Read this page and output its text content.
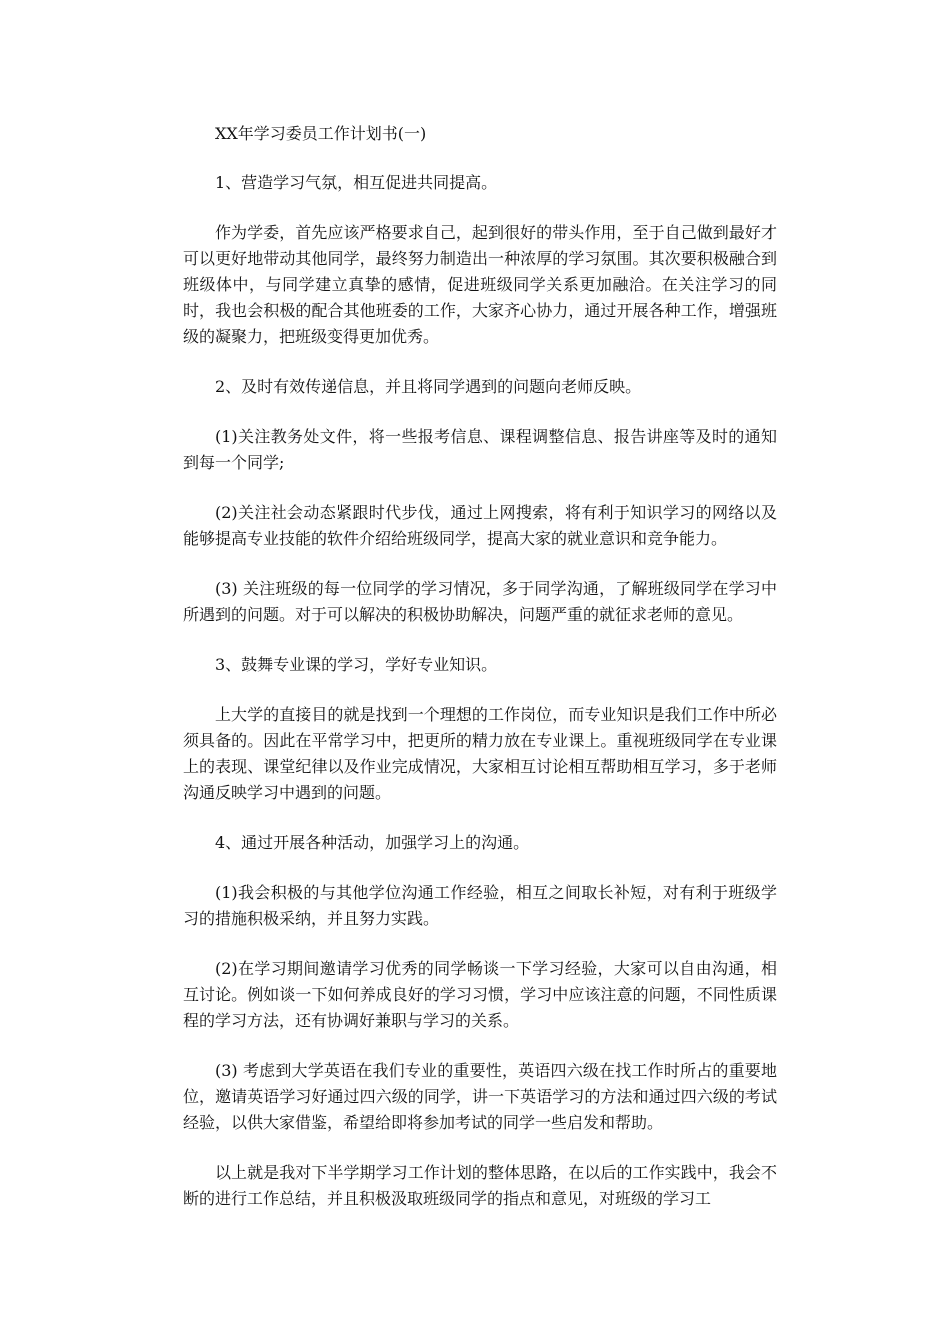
XX年学习委员工作计划书(一)

1、营造学习气氛，相互促进共同提高。

作为学委，首先应该严格要求自己，起到很好的带头作用，至于自己做到最好才可以更好地带动其他同学，最终努力制造出一种浓厚的学习氛围。其次要积极融合到班级体中，与同学建立真挚的感情，促进班级同学关系更加融洽。在关注学习的同时，我也会积极的配合其他班委的工作，大家齐心协力，通过开展各种工作，增强班级的凝聚力，把班级变得更加优秀。

2、及时有效传递信息，并且将同学遇到的问题向老师反映。

(1)关注教务处文件，将一些报考信息、课程调整信息、报告讲座等及时的通知到每一个同学;

(2)关注社会动态紧跟时代步伐，通过上网搜索，将有利于知识学习的网络以及能够提高专业技能的软件介绍给班级同学，提高大家的就业意识和竞争能力。

(3) 关注班级的每一位同学的学习情况，多于同学沟通，了解班级同学在学习中所遇到的问题。对于可以解决的积极协助解决，问题严重的就征求老师的意见。

3、鼓舞专业课的学习，学好专业知识。

上大学的直接目的就是找到一个理想的工作岗位，而专业知识是我们工作中所必须具备的。因此在平常学习中，把更所的精力放在专业课上。重视班级同学在专业课上的表现、课堂纪律以及作业完成情况，大家相互讨论相互帮助相互学习，多于老师沟通反映学习中遇到的问题。

4、通过开展各种活动，加强学习上的沟通。

(1)我会积极的与其他学位沟通工作经验，相互之间取长补短，对有利于班级学习的措施积极采纳，并且努力实践。

(2)在学习期间邀请学习优秀的同学畅谈一下学习经验，大家可以自由沟通，相互讨论。例如谈一下如何养成良好的学习习惯，学习中应该注意的问题，不同性质课程的学习方法，还有协调好兼职与学习的关系。

(3) 考虑到大学英语在我们专业的重要性，英语四六级在找工作时所占的重要地位，邀请英语学习好通过四六级的同学，讲一下英语学习的方法和通过四六级的考试经验，以供大家借鉴，希望给即将参加考试的同学一些启发和帮助。

以上就是我对下半学期学习工作计划的整体思路，在以后的工作实践中，我会不断的进行工作总结，并且积极汲取班级同学的指点和意见，对班级的学习工
